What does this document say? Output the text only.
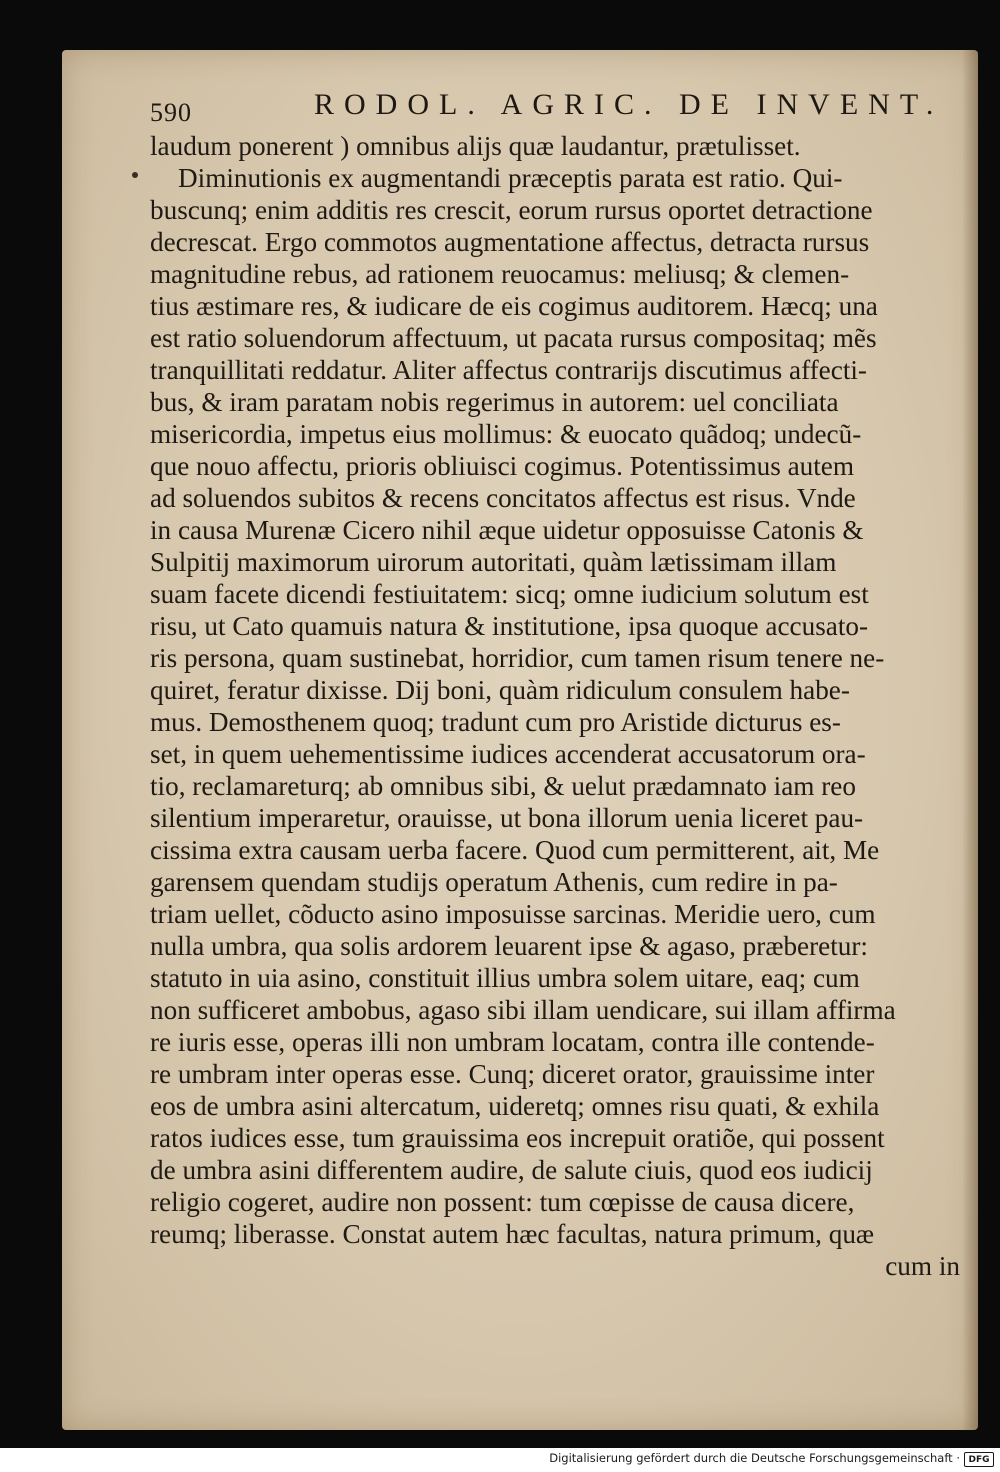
590	RODOL. AGRIC. DE INVENT.
laudum ponerent ) omnibus alijs quæ laudantur, prætulisset.
Diminutionis ex augmentandi præceptis parata est ratio. Qui-
buscunq; enim additis res crescit, eorum rursus oportet detractione
decrescat. Ergo commotos augmentatione affectus, detracta rursus
magnitudine rebus, ad rationem reuocamus: meliusq; & clemen-
tius æstimare res, & iudicare de eis cogimus auditorem. Hæcq; una
est ratio soluendorum affectuum, ut pacata rursus compositaq; mẽs
tranquillitati reddatur. Aliter affectus contrarijs discutimus affecti-
bus, & iram paratam nobis regerimus in autorem: uel conciliata
misericordia, impetus eius mollimus: & euocato quãdoq; undecũ-
que nouo affectu, prioris obliuisci cogimus. Potentissimus autem
ad soluendos subitos & recens concitatos affectus est risus. Vnde
in causa Murenæ Cicero nihil æque uidetur opposuisse Catonis &
Sulpitij maximorum uirorum autoritati, quàm lætissimam illam
suam facete dicendi festiuitatem: sicq; omne iudicium solutum est
risu, ut Cato quamuis natura & institutione, ipsa quoque accusato-
ris persona, quam sustinebat, horridior, cum tamen risum tenere ne-
quiret, feratur dixisse. Dij boni, quàm ridiculum consulem habe-
mus. Demosthenem quoq; tradunt cum pro Aristide dicturus es-
set, in quem uehementissime iudices accenderat accusatorum ora-
tio, reclamareturq; ab omnibus sibi, & uelut prædamnato iam reo
silentium imperaretur, orauisse, ut bona illorum uenia liceret pau-
cissima extra causam uerba facere. Quod cum permitterent, ait, Me
garensem quendam studijs operatum Athenis, cum redire in pa-
triam uellet, cõducto asino imposuisse sarcinas. Meridie uero, cum
nulla umbra, qua solis ardorem leuarent ipse & agaso, præberetur:
statuto in uia asino, constituit illius umbra solem uitare, eaq; cum
non sufficeret ambobus, agaso sibi illam uendicare, sui illam affirma
re iuris esse, operas illi non umbram locatam, contra ille contende-
re umbram inter operas esse. Cunq; diceret orator, grauissime inter
eos de umbra asini altercatum, uideretq; omnes risu quati, & exhila
ratos iudices esse, tum grauissima eos increpuit oratiõe, qui possent
de umbra asini differentem audire, de salute ciuis, quod eos iudicij
religio cogeret, audire non possent: tum cœpisse de causa dicere,
reumq; liberasse. Constat autem hæc facultas, natura primum, quæ
cum in
Digitalisierung gefördert durch die Deutsche Forschungsgemeinschaft · DFG
